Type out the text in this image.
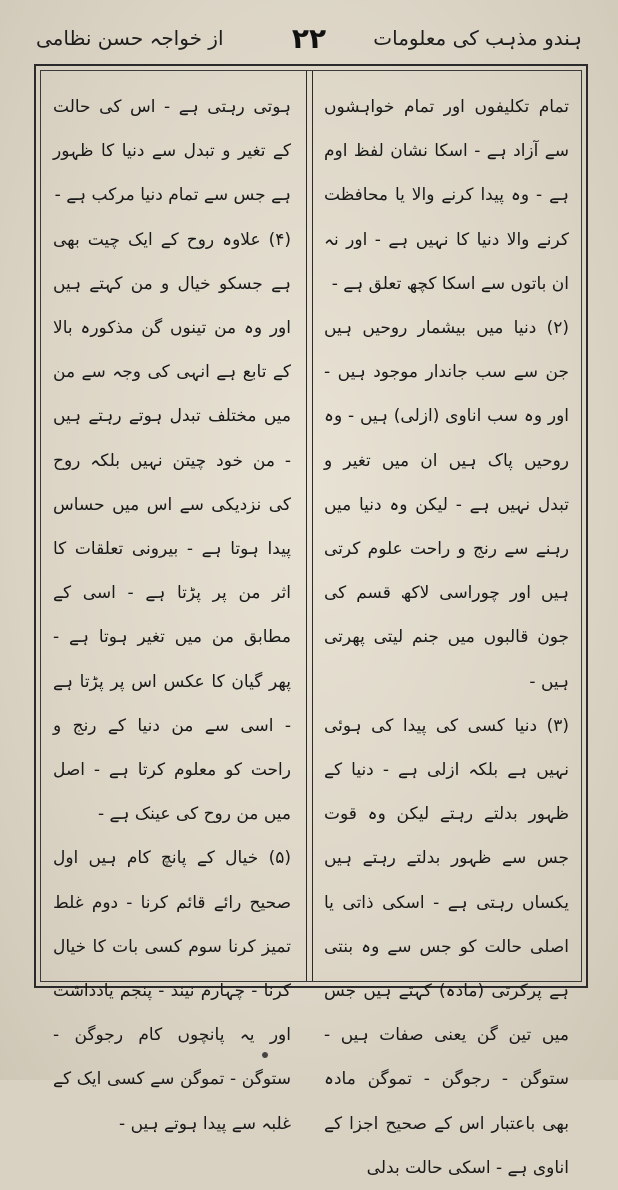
ہندو مذہب کی معلومات
۲۲
از خواجہ حسن نظامی

تمام تکلیفوں اور تمام خواہشوں سے آزاد ہے - اسکا نشان لفظ اوم ہے - وہ پیدا کرنے والا یا محافظت کرنے والا دنیا کا نہیں ہے - اور نہ ان باتوں سے اسکا کچھ تعلق ہے -

(۲) دنیا میں بیشمار روحیں ہیں جن سے سب جاندار موجود ہیں - اور وہ سب اناوی (ازلی) ہیں - وہ روحیں پاک ہیں ان میں تغیر و تبدل نہیں ہے - لیکن وہ دنیا میں رہنے سے رنج و راحت علوم کرتی ہیں اور چوراسی لاکھ قسم کی جون قالبوں میں جنم لیتی پھرتی ہیں -

(۳) دنیا کسی کی پیدا کی ہوئی نہیں ہے بلکہ ازلی ہے - دنیا کے ظہور بدلتے رہتے لیکن وہ قوت جس سے ظہور بدلتے رہتے ہیں یکساں رہتی ہے - اسکی ذاتی یا اصلی حالت کو جس سے وہ بنتی ہے پرکرتی (مادہ) کہتے ہیں جس میں تین گن یعنی صفات ہیں - ستوگن - رجوگن - تموگن مادہ بھی باعتبار اس کے صحیح اجزا کے اناوی ہے - اسکی حالت بدلی

ہوتی رہتی ہے - اس کی حالت کے تغیر و تبدل سے دنیا کا ظہور ہے جس سے تمام دنیا مرکب ہے -

(۴) علاوہ روح کے ایک چیت بھی ہے جسکو خیال و من کہتے ہیں اور وہ من تینوں گن مذکورہ بالا کے تابع ہے انہی کی وجہ سے من میں مختلف تبدل ہوتے رہتے ہیں - من خود چیتن نہیں بلکہ روح کی نزدیکی سے اس میں حساس پیدا ہوتا ہے - بیرونی تعلقات کا اثر من پر پڑتا ہے - اسی کے مطابق من میں تغیر ہوتا ہے - پھر گیان کا عکس اس پر پڑتا ہے - اسی سے من دنیا کے رنج و راحت کو معلوم کرتا ہے - اصل میں من روح کی عینک ہے -

(۵) خیال کے پانچ کام ہیں اول صحیح رائے قائم کرنا - دوم غلط تمیز کرنا سوم کسی بات کا خیال کرنا - چہارم نیند - پنجم یادداشت اور یہ پانچوں کام رجوگن - ستوگن - تموگن سے کسی ایک کے غلبہ سے پیدا ہوتے ہیں -
